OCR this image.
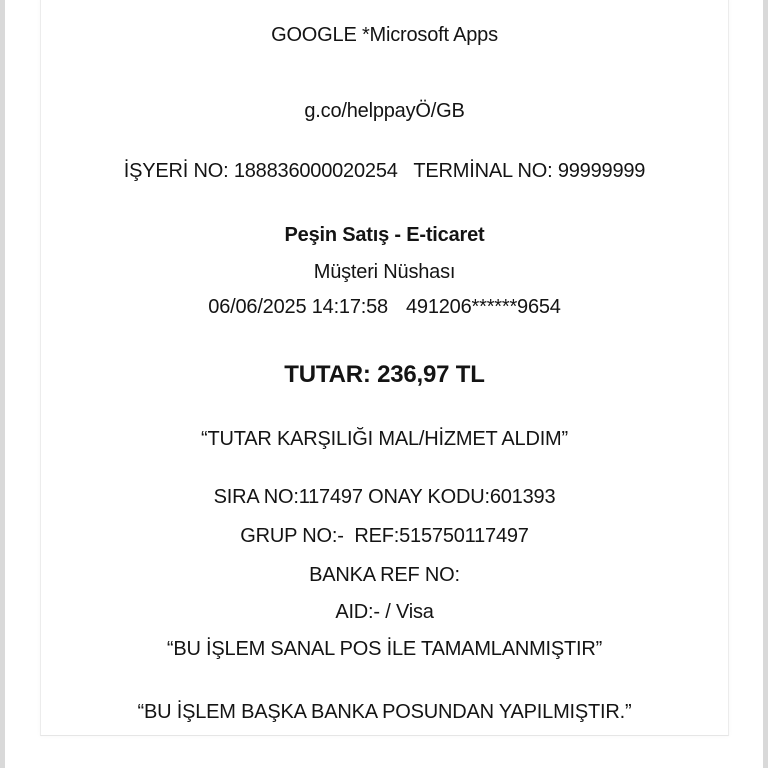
GOOGLE *Microsoft Apps
g.co/helppayÖ/GB
İŞYERİ NO: 188836000020254   TERMİNAL NO: 99999999
Peşin Satış - E-ticaret
Müşteri Nüshası
06/06/2025 14:17:58 491206******9654
TUTAR: 236,97 TL
“TUTAR KARŞILIĞI MAL/HİZMET ALDIM”
SIRA NO:117497 ONAY KODU:601393
GRUP NO:-  REF:515750117497
BANKA REF NO:
AID:- / Visa
“BU İŞLEM SANAL POS İLE TAMAMLANMIŞTIR”
“BU İŞLEM BAŞKA BANKA POSUNDAN YAPILMIŞTIR.”
